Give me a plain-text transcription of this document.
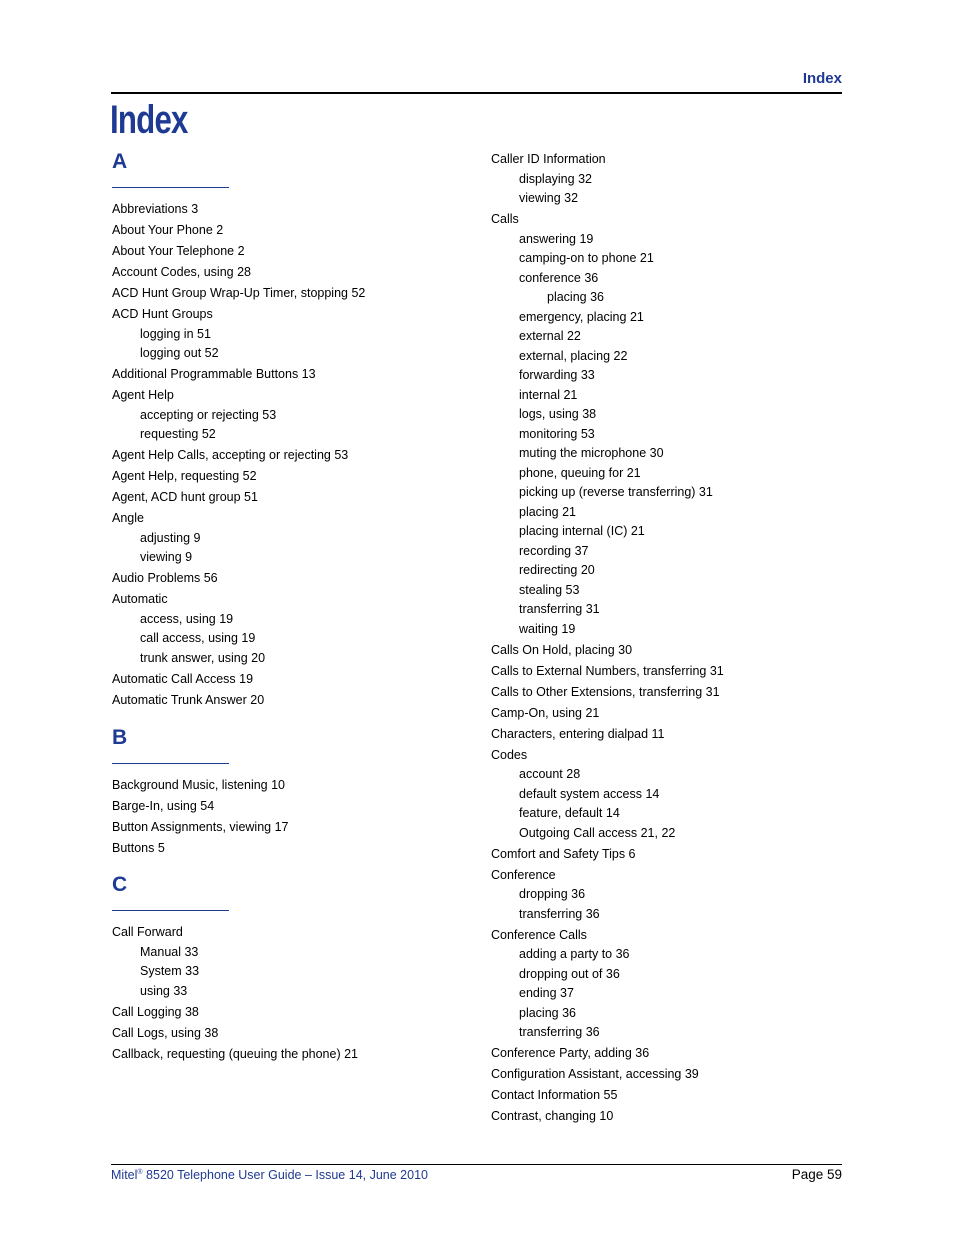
Index
Index
A
Abbreviations 3
About Your Phone 2
About Your Telephone 2
Account Codes, using 28
ACD Hunt Group Wrap-Up Timer, stopping 52
ACD Hunt Groups
logging in 51
logging out 52
Additional Programmable Buttons 13
Agent Help
accepting or rejecting 53
requesting 52
Agent Help Calls, accepting or rejecting 53
Agent Help, requesting 52
Agent, ACD hunt group 51
Angle
adjusting 9
viewing 9
Audio Problems 56
Automatic
access, using 19
call access, using 19
trunk answer, using 20
Automatic Call Access 19
Automatic Trunk Answer 20
B
Background Music, listening 10
Barge-In, using 54
Button Assignments, viewing 17
Buttons 5
C
Call Forward
Manual 33
System 33
using 33
Call Logging 38
Call Logs, using 38
Callback, requesting (queuing the phone) 21
Caller ID Information
displaying 32
viewing 32
Calls
answering 19
camping-on to phone 21
conference 36
placing 36
emergency, placing 21
external 22
external, placing 22
forwarding 33
internal 21
logs, using 38
monitoring 53
muting the microphone 30
phone, queuing for 21
picking up (reverse transferring) 31
placing 21
placing internal (IC) 21
recording 37
redirecting 20
stealing 53
transferring 31
waiting 19
Calls On Hold, placing 30
Calls to External Numbers, transferring 31
Calls to Other Extensions, transferring 31
Camp-On, using 21
Characters, entering dialpad 11
Codes
account 28
default system access 14
feature, default 14
Outgoing Call access 21, 22
Comfort and Safety Tips 6
Conference
dropping 36
transferring 36
Conference Calls
adding a party to 36
dropping out of 36
ending 37
placing 36
transferring 36
Conference Party, adding 36
Configuration Assistant, accessing 39
Contact Information 55
Contrast, changing 10
Mitel® 8520 Telephone User Guide – Issue 14, June 2010	Page 59
